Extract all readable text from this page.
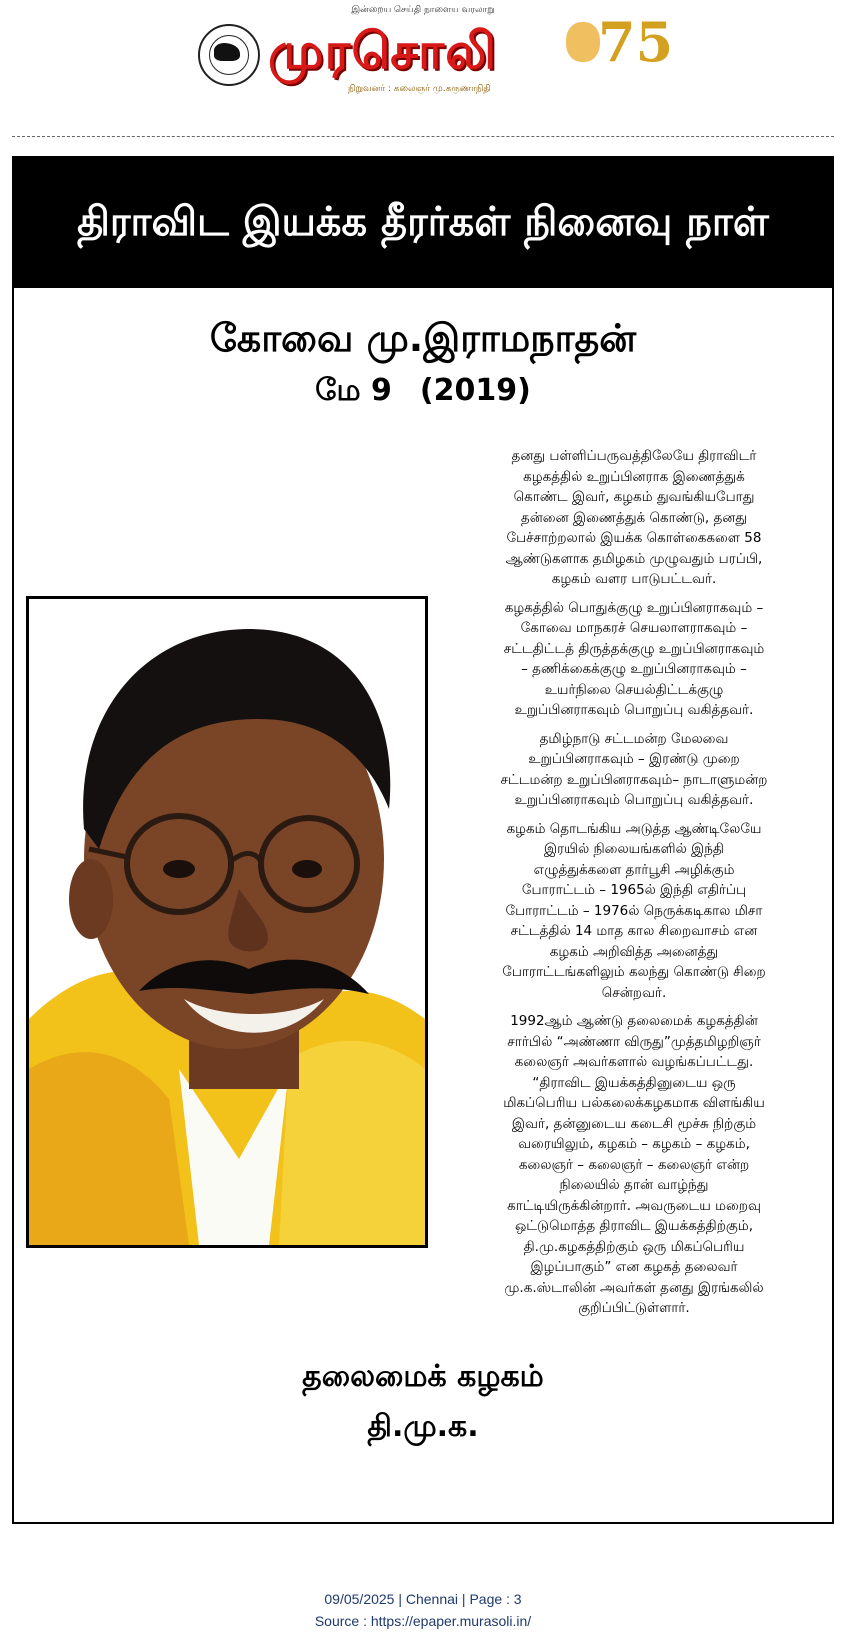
இன்றைய செய்தி நாளைய வரலாறு
முரசொலி
நிறுவனர் : கலைஞர் மு.கருணாநிதி
75
திராவிட இயக்க தீரர்கள் நினைவு நாள்
கோவை மு.இராமநாதன்
மே 9 (2019)

தனது பள்ளிப்பருவத்திலேயே திராவிடர்
கழகத்தில் உறுப்பினராக இணைத்துக்
கொண்ட இவர், கழகம் துவங்கியபோது
தன்னை இணைத்துக் கொண்டு, தனது
பேச்சாற்றலால் இயக்க கொள்கைகளை 58
ஆண்டுகளாக தமிழகம் முழுவதும் பரப்பி,
கழகம் வளர பாடுபட்டவர்.

கழகத்தில் பொதுக்குழு உறுப்பினராகவும் –
கோவை மாநகரச் செயலாளராகவும் –
சட்டதிட்டத் திருத்தக்குழு உறுப்பினராகவும்
– தணிக்கைக்குழு உறுப்பினராகவும் –
உயர்நிலை செயல்திட்டக்குழு
உறுப்பினராகவும் பொறுப்பு வகித்தவர்.

தமிழ்நாடு சட்டமன்ற மேலவை
உறுப்பினராகவும் – இரண்டு முறை
சட்டமன்ற உறுப்பினராகவும்– நாடாளுமன்ற
உறுப்பினராகவும் பொறுப்பு வகித்தவர்.

கழகம் தொடங்கிய அடுத்த ஆண்டிலேயே
இரயில் நிலையங்களில் இந்தி
எழுத்துக்களை தார்பூசி அழிக்கும்
போராட்டம் – 1965ல் இந்தி எதிர்ப்பு
போராட்டம் – 1976ல் நெருக்கடிகால மிசா
சட்டத்தில் 14 மாத கால சிறைவாசம் என
கழகம் அறிவித்த அனைத்து
போராட்டங்களிலும் கலந்து கொண்டு சிறை
சென்றவர்.

1992ஆம் ஆண்டு தலைமைக் கழகத்தின்
சார்பில் “அண்ணா விருது”முத்தமிழறிஞர்
கலைஞர் அவர்களால் வழங்கப்பட்டது.
“திராவிட இயக்கத்தினுடைய ஒரு
மிகப்பெரிய பல்கலைக்கழகமாக விளங்கிய
இவர், தன்னுடைய கடைசி மூச்சு நிற்கும்
வரையிலும், கழகம் – கழகம் – கழகம்,
கலைஞர் – கலைஞர் – கலைஞர் என்ற
நிலையில் தான் வாழ்ந்து
காட்டியிருக்கின்றார். அவருடைய மறைவு
ஒட்டுமொத்த திராவிட இயக்கத்திற்கும்,
தி.மு.கழகத்திற்கும் ஒரு மிகப்பெரிய
இழப்பாகும்” என கழகத் தலைவர்
மு.க.ஸ்டாலின் அவர்கள் தனது இரங்கலில்
குறிப்பிட்டுள்ளார்.

தலைமைக் கழகம்
தி.மு.க.
09/05/2025 | Chennai | Page : 3
Source : https://epaper.murasoli.in/
